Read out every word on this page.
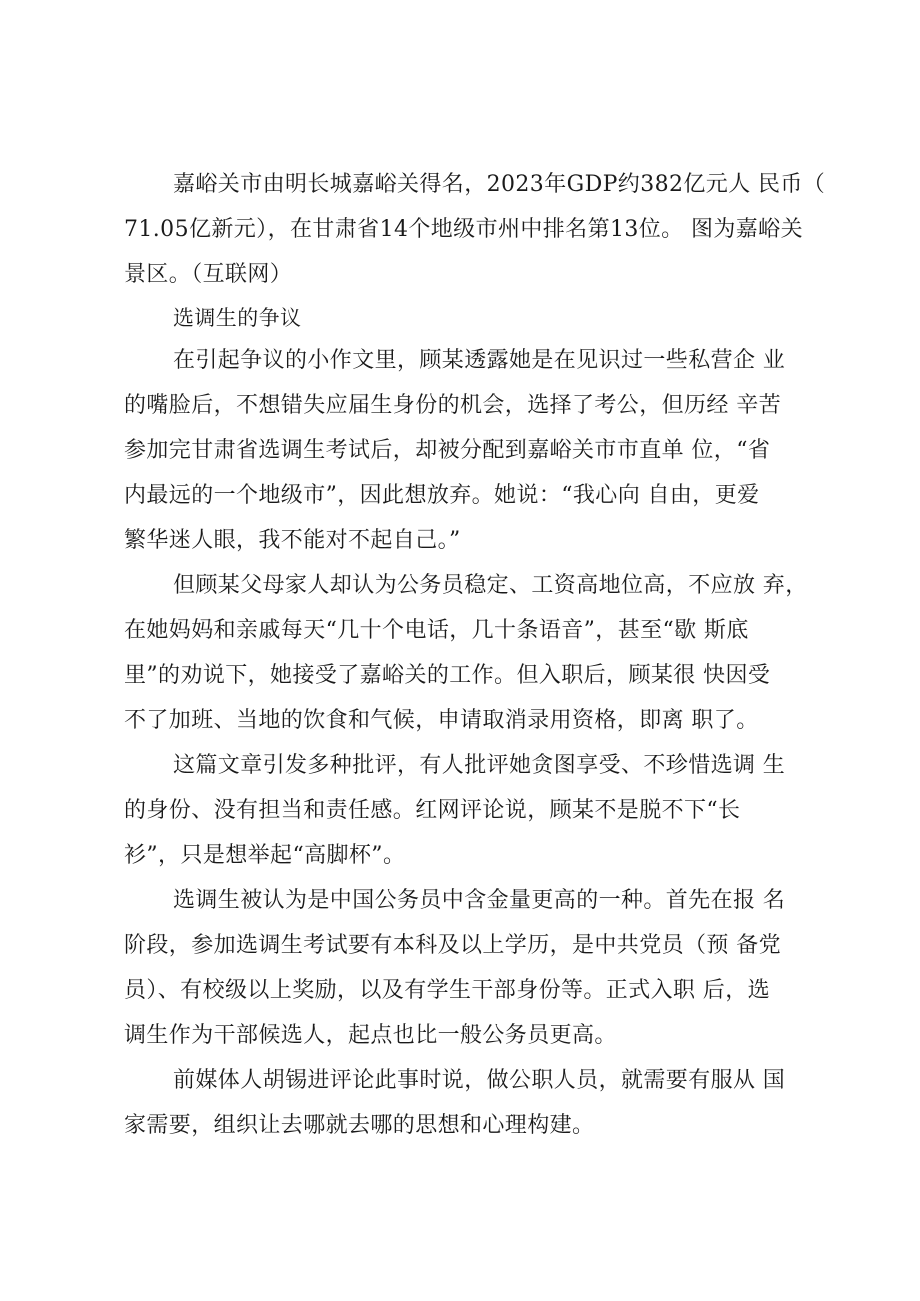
嘉峪关市由明长城嘉峪关得名，2023年GDP约382亿元人 民币（

71.05亿新元），在甘肃省14个地级市州中排名第13位。 图为嘉峪关

景区。（互联网）

选调生的争议

在引起争议的小作文里，顾某透露她是在见识过一些私营企 业

的嘴脸后，不想错失应届生身份的机会，选择了考公，但历经 辛苦

参加完甘肃省选调生考试后，却被分配到嘉峪关市市直单 位，“省

内最远的一个地级市”，因此想放弃。她说：“我心向 自由，更爱

繁华迷人眼，我不能对不起自己。”

但顾某父母家人却认为公务员稳定、工资高地位高，不应放 弃，

在她妈妈和亲戚每天“几十个电话，几十条语音”，甚至“歇 斯底

里”的劝说下，她接受了嘉峪关的工作。但入职后，顾某很 快因受

不了加班、当地的饮食和气候，申请取消录用资格，即离 职了。

这篇文章引发多种批评，有人批评她贪图享受、不珍惜选调 生

的身份、没有担当和责任感。红网评论说，顾某不是脱不下“长

衫”，只是想举起“高脚杯”。

选调生被认为是中国公务员中含金量更高的一种。首先在报 名

阶段，参加选调生考试要有本科及以上学历，是中共党员（预 备党

员）、有校级以上奖励，以及有学生干部身份等。正式入职 后，选

调生作为干部候选人，起点也比一般公务员更高。

前媒体人胡锡进评论此事时说，做公职人员，就需要有服从 国

家需要，组织让去哪就去哪的思想和心理构建。
